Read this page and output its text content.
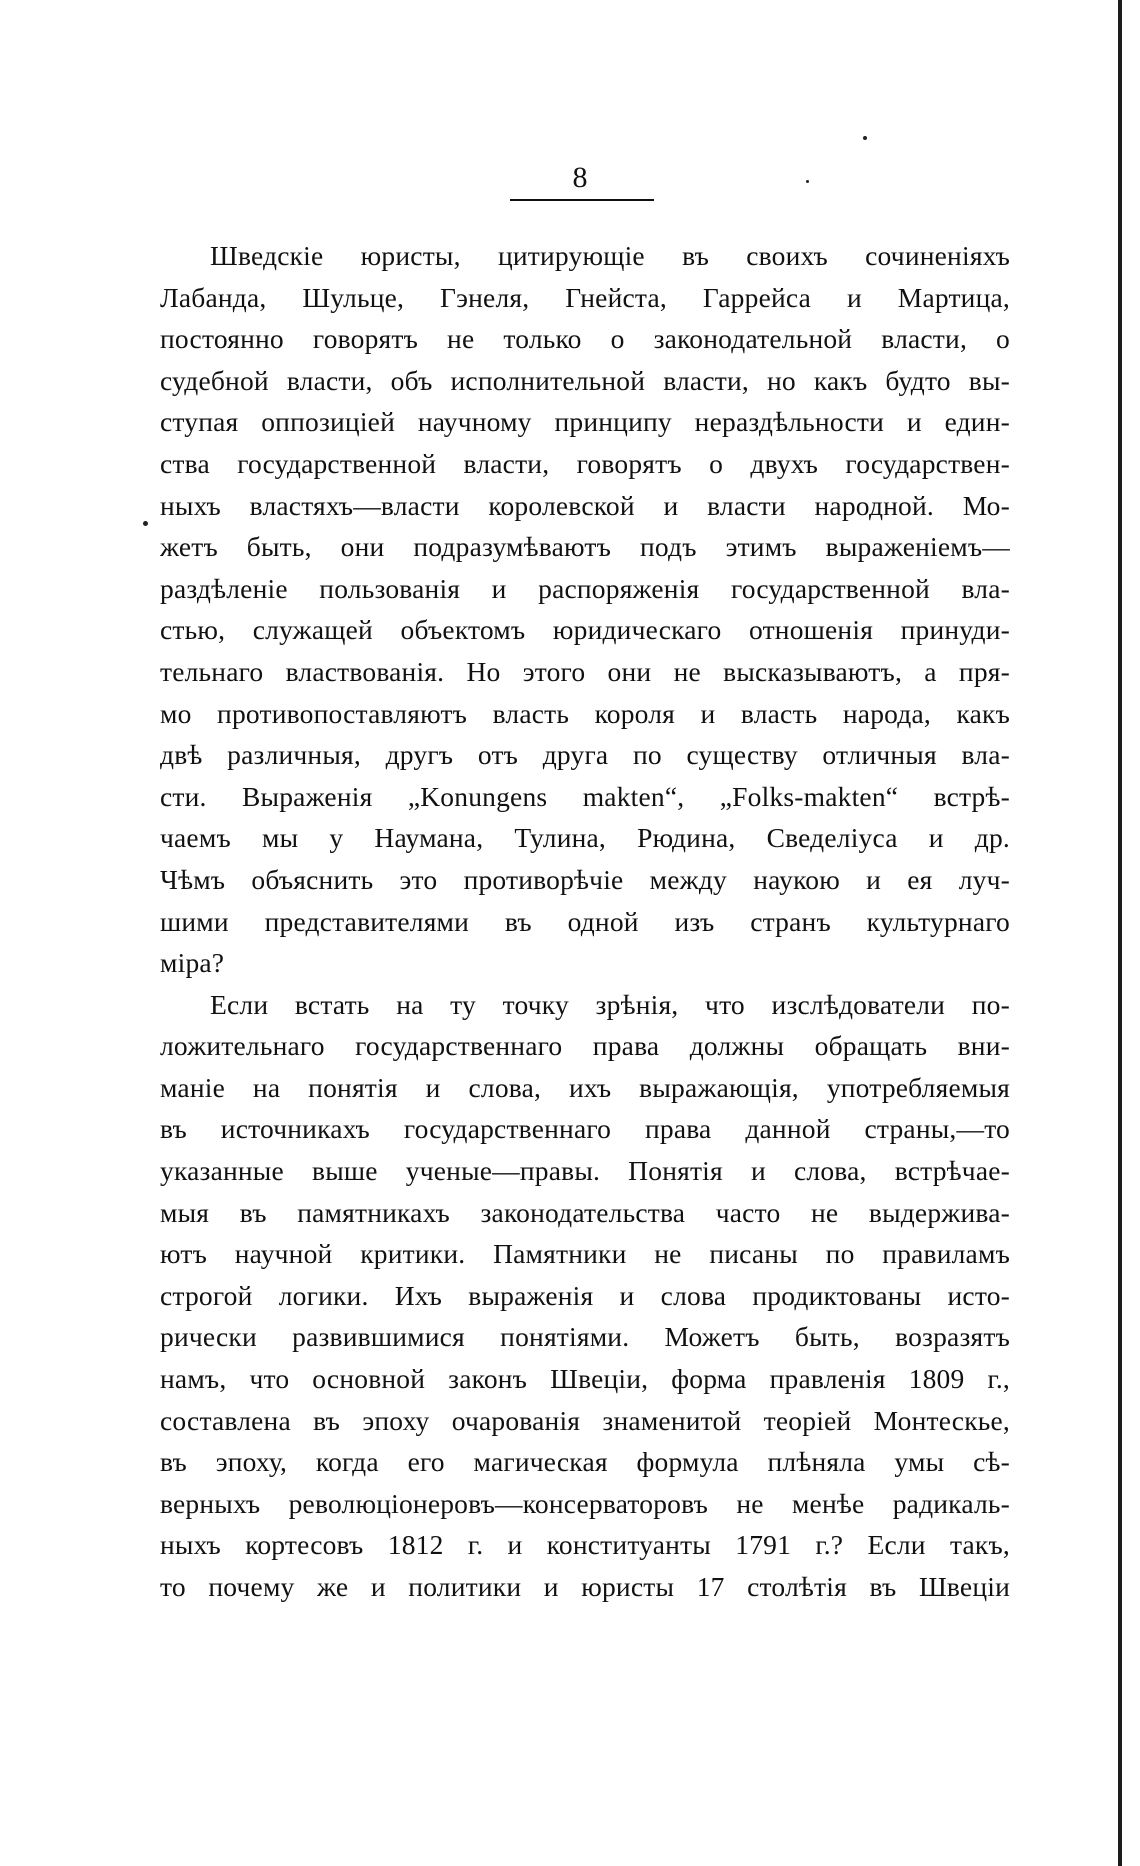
8
Шведскіе юристы, цитирующіе въ своихъ сочиненіяхъ
Лабанда, Шульце, Гэнеля, Гнейста, Гаррейса и Мартица,
постоянно говорятъ не только о законодательной власти, о
судебной власти, объ исполнительной власти, но какъ будто вы-
ступая оппозиціей научному принципу нераздѣльности и един-
ства государственной власти, говорятъ о двухъ государствен-
ныхъ властяхъ—власти королевской и власти народной. Мо-
жетъ быть, они подразумѣваютъ подъ этимъ выраженіемъ—
раздѣленіе пользованія и распоряженія государственной вла-
стью, служащей объектомъ юридическаго отношенія принуди-
тельнаго властвованія. Но этого они не высказываютъ, а пря-
мо противопоставляютъ власть короля и власть народа, какъ
двѣ различныя, другъ отъ друга по существу отличныя вла-
сти. Выраженія „Konungens makten“, „Folks-makten“ встрѣ-
чаемъ мы у Наумана, Тулина, Рюдина, Сведеліуса и др.
Чѣмъ объяснить это противорѣчіе между наукою и ея луч-
шими представителями въ одной изъ странъ культурнаго
міра?
Если встать на ту точку зрѣнія, что изслѣдователи по-
ложительнаго государственнаго права должны обращать вни-
маніе на понятія и слова, ихъ выражающія, употребляемыя
въ источникахъ государственнаго права данной страны,—то
указанные выше ученые—правы. Понятія и слова, встрѣчае-
мыя въ памятникахъ законодательства часто не выдержива-
ютъ научной критики. Памятники не писаны по правиламъ
строгой логики. Ихъ выраженія и слова продиктованы исто-
рически развившимися понятіями. Можетъ быть, возразятъ
намъ, что основной законъ Швеціи, форма правленія 1809 г.,
составлена въ эпоху очарованія знаменитой теоріей Монтескье,
въ эпоху, когда его магическая формула плѣняла умы сѣ-
верныхъ революціонеровъ—консерваторовъ не менѣе радикаль-
ныхъ кортесовъ 1812 г. и конституанты 1791 г.? Если такъ,
то почему же и политики и юристы 17 столѣтія въ Швеціи
